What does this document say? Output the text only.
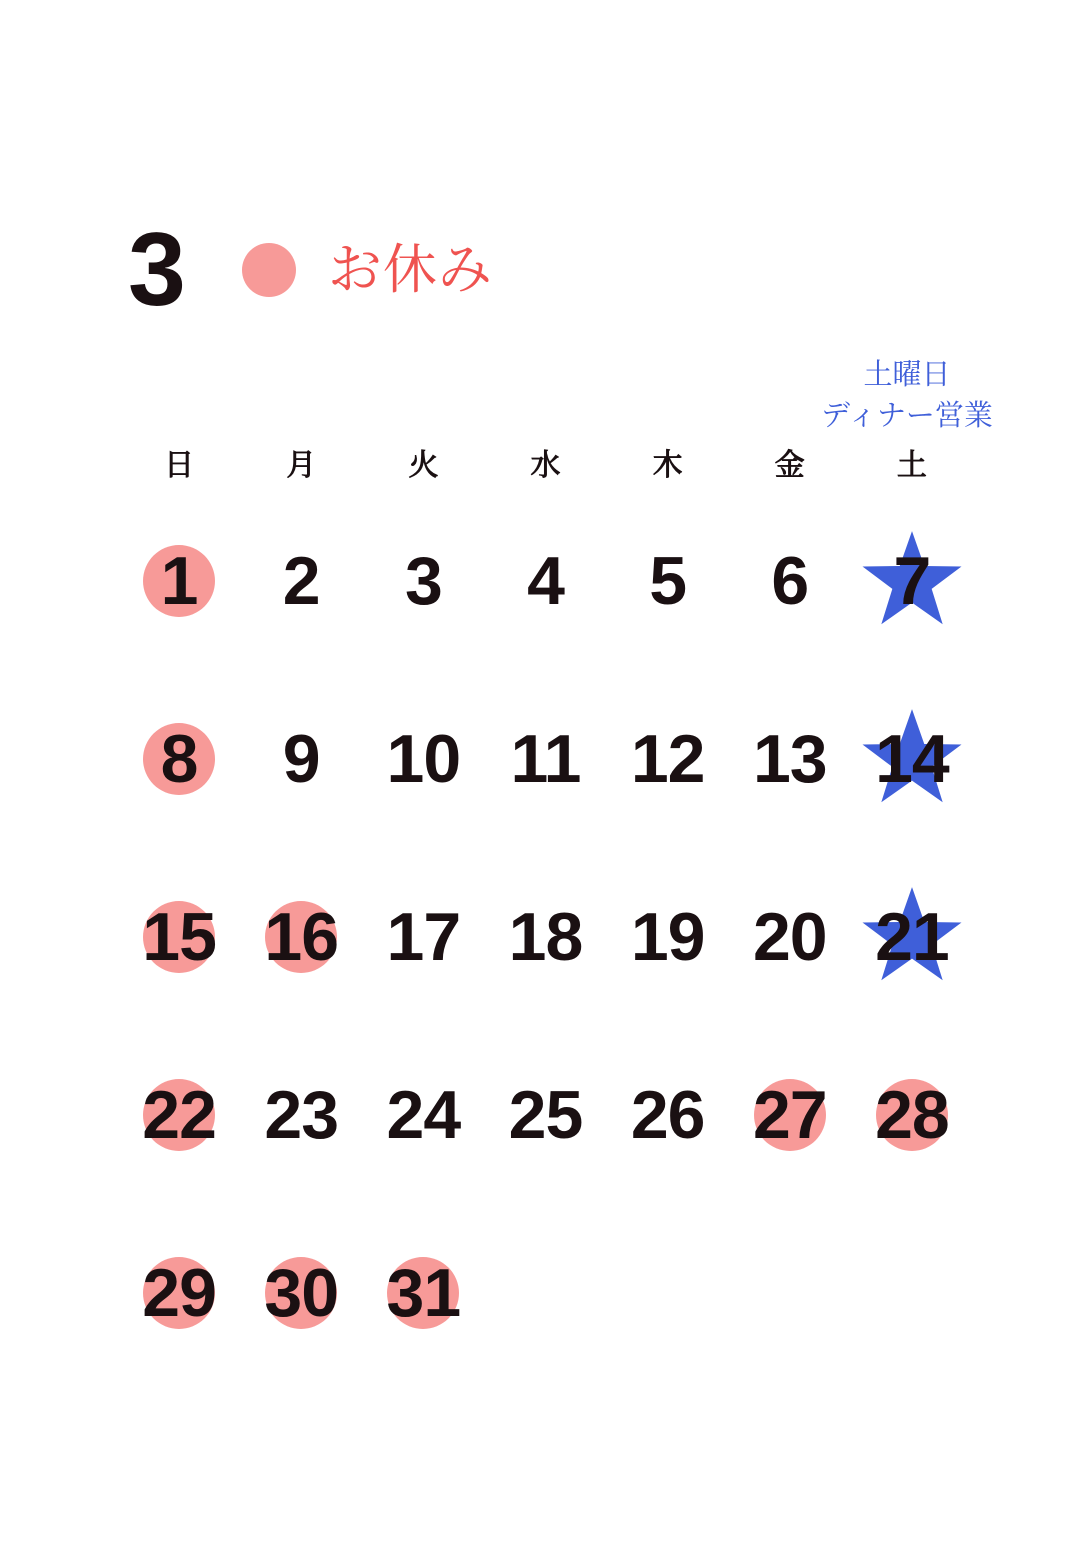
3	お休み
土曜日
ディナー営業
日	月	火	水	木	金	土
1 2 3 4 5 6 7
8 9 10 11 12 13 14
15 16 17 18 19 20 21
22 23 24 25 26 27 28
29 30 31
